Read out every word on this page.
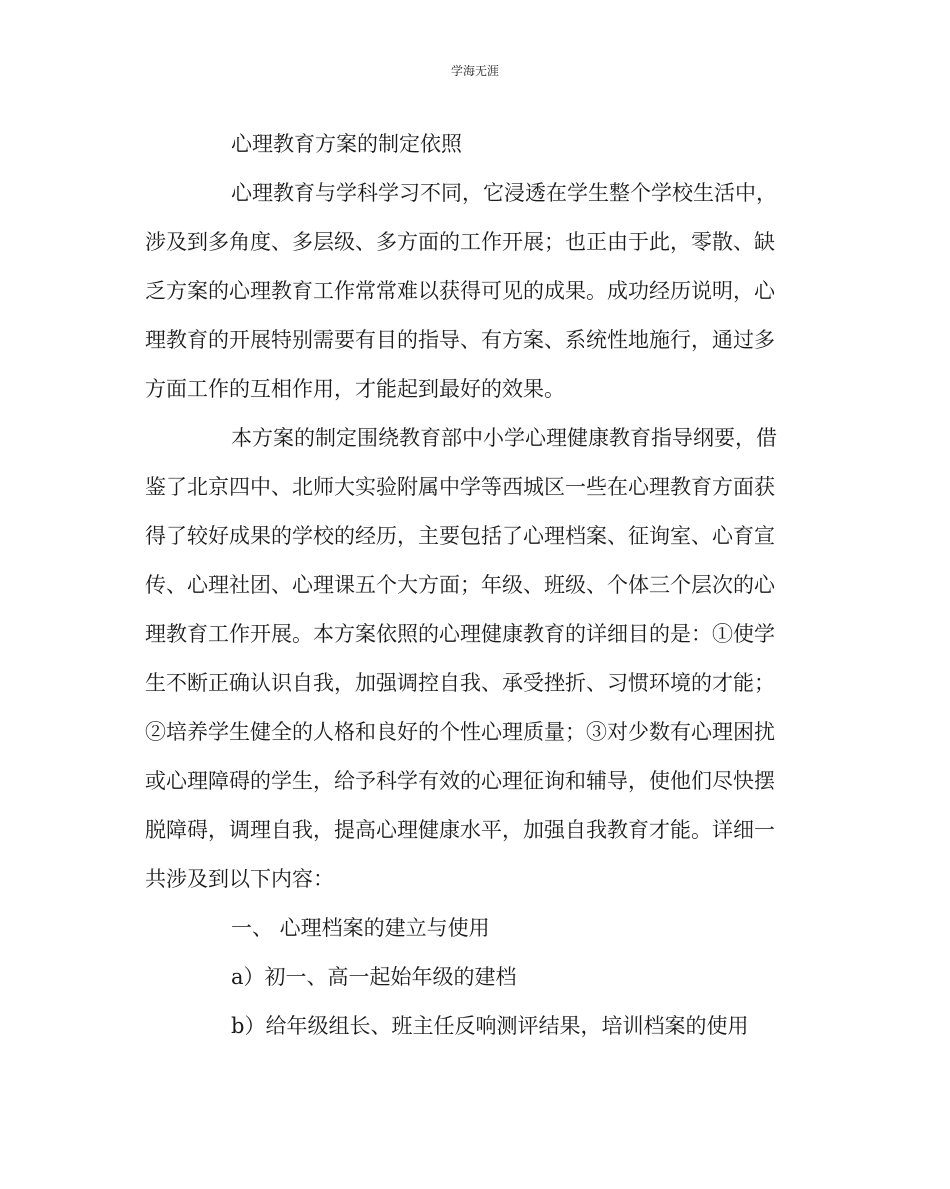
学海无涯
心理教育方案的制定依照
心理教育与学科学习不同，它浸透在学生整个学校生活中，
涉及到多角度、多层级、多方面的工作开展；也正由于此，零散、缺
乏方案的心理教育工作常常难以获得可见的成果。成功经历说明，心
理教育的开展特别需要有目的指导、有方案、系统性地施行，通过多
方面工作的互相作用，才能起到最好的效果。
本方案的制定围绕教育部中小学心理健康教育指导纲要，借
鉴了北京四中、北师大实验附属中学等西城区一些在心理教育方面获
得了较好成果的学校的经历，主要包括了心理档案、征询室、心育宣
传、心理社团、心理课五个大方面；年级、班级、个体三个层次的心
理教育工作开展。本方案依照的心理健康教育的详细目的是：①使学
生不断正确认识自我，加强调控自我、承受挫折、习惯环境的才能；
②培养学生健全的人格和良好的个性心理质量；③对少数有心理困扰
或心理障碍的学生，给予科学有效的心理征询和辅导，使他们尽快摆
脱障碍，调理自我，提高心理健康水平，加强自我教育才能。详细一
共涉及到以下内容：
一、 心理档案的建立与使用
a）初一、高一起始年级的建档
b）给年级组长、班主任反响测评结果，培训档案的使用
